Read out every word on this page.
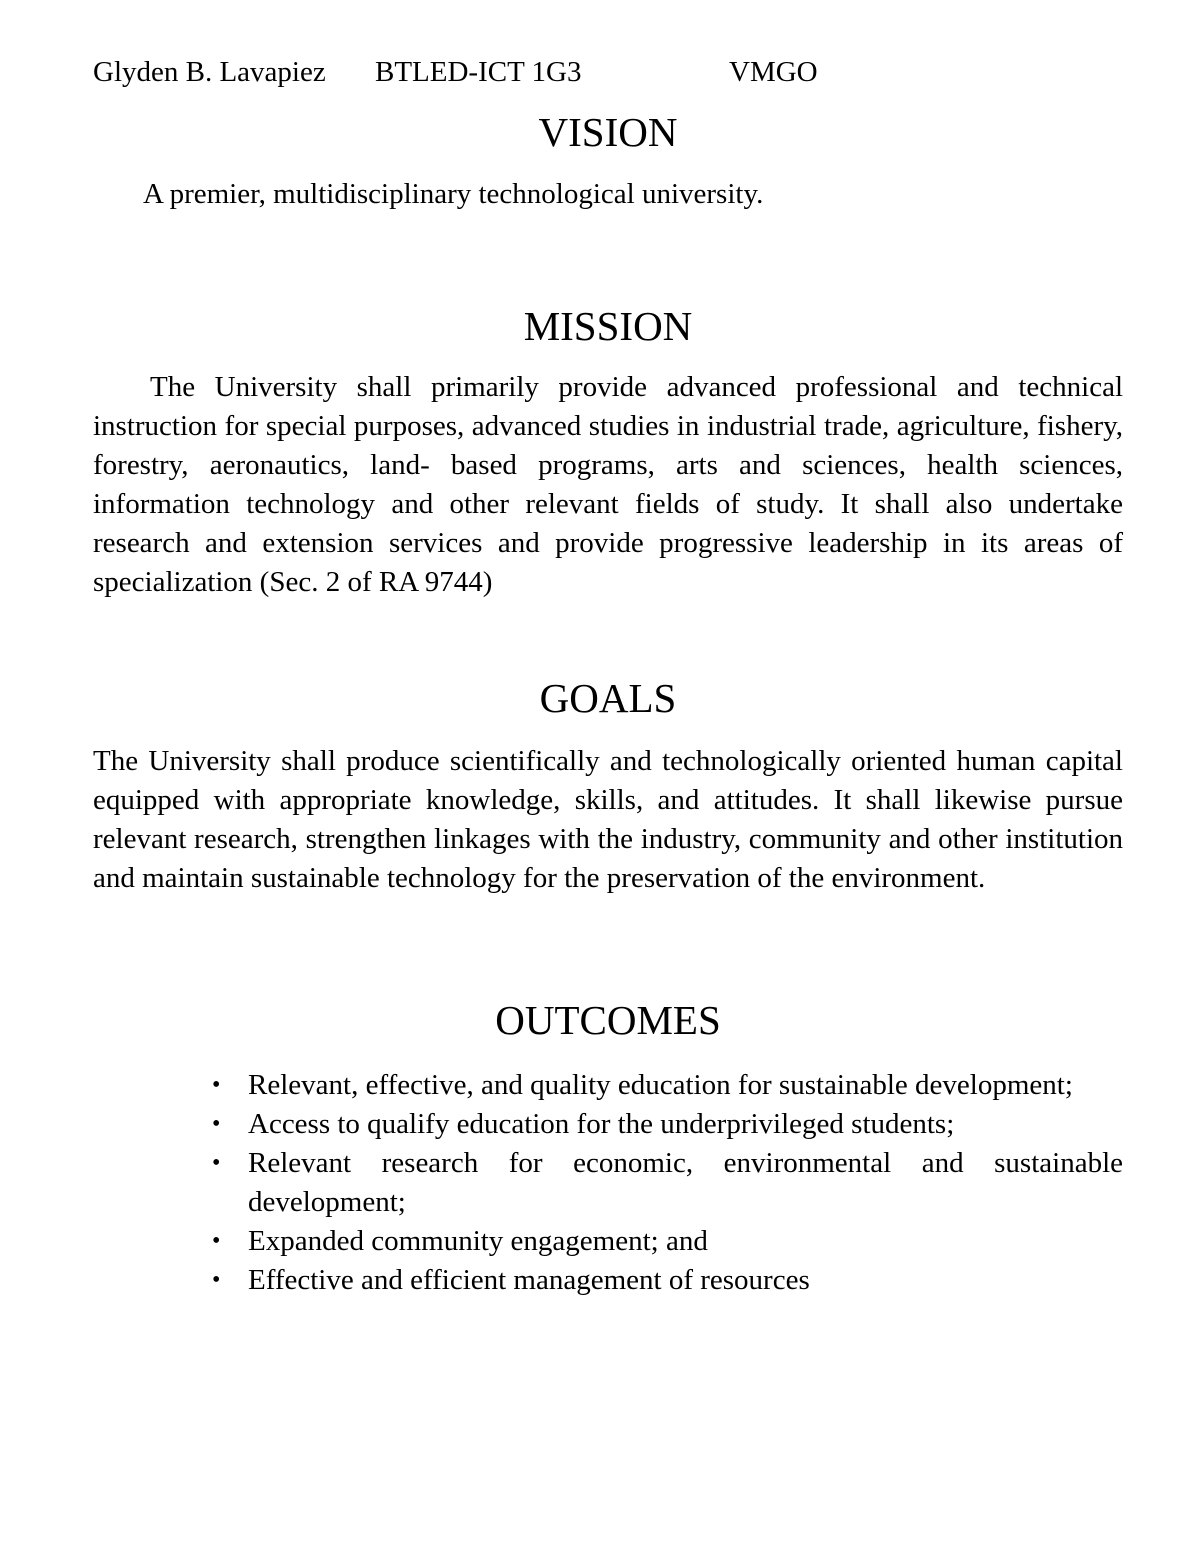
Glyden B. Lavapiez BTLED-ICT 1G3	VMGO
VISION
A premier, multidisciplinary technological university.
MISSION
The University shall primarily provide advanced professional and technical instruction for special purposes, advanced studies in industrial trade, agriculture, fishery, forestry, aeronautics, land- based programs, arts and sciences, health sciences, information technology and other relevant fields of study. It shall also undertake research and extension services and provide progressive leadership in its areas of specialization (Sec. 2 of RA 9744)
GOALS
The University shall produce scientifically and technologically oriented human capital equipped with appropriate knowledge, skills, and attitudes. It shall likewise pursue relevant research, strengthen linkages with the industry, community and other institution and maintain sustainable technology for the preservation of the environment.
OUTCOMES
• Relevant, effective, and quality education for sustainable development;
• Access to qualify education for the underprivileged students;
• Relevant research for economic, environmental and sustainable development;
• Expanded community engagement; and
• Effective and efficient management of resources
